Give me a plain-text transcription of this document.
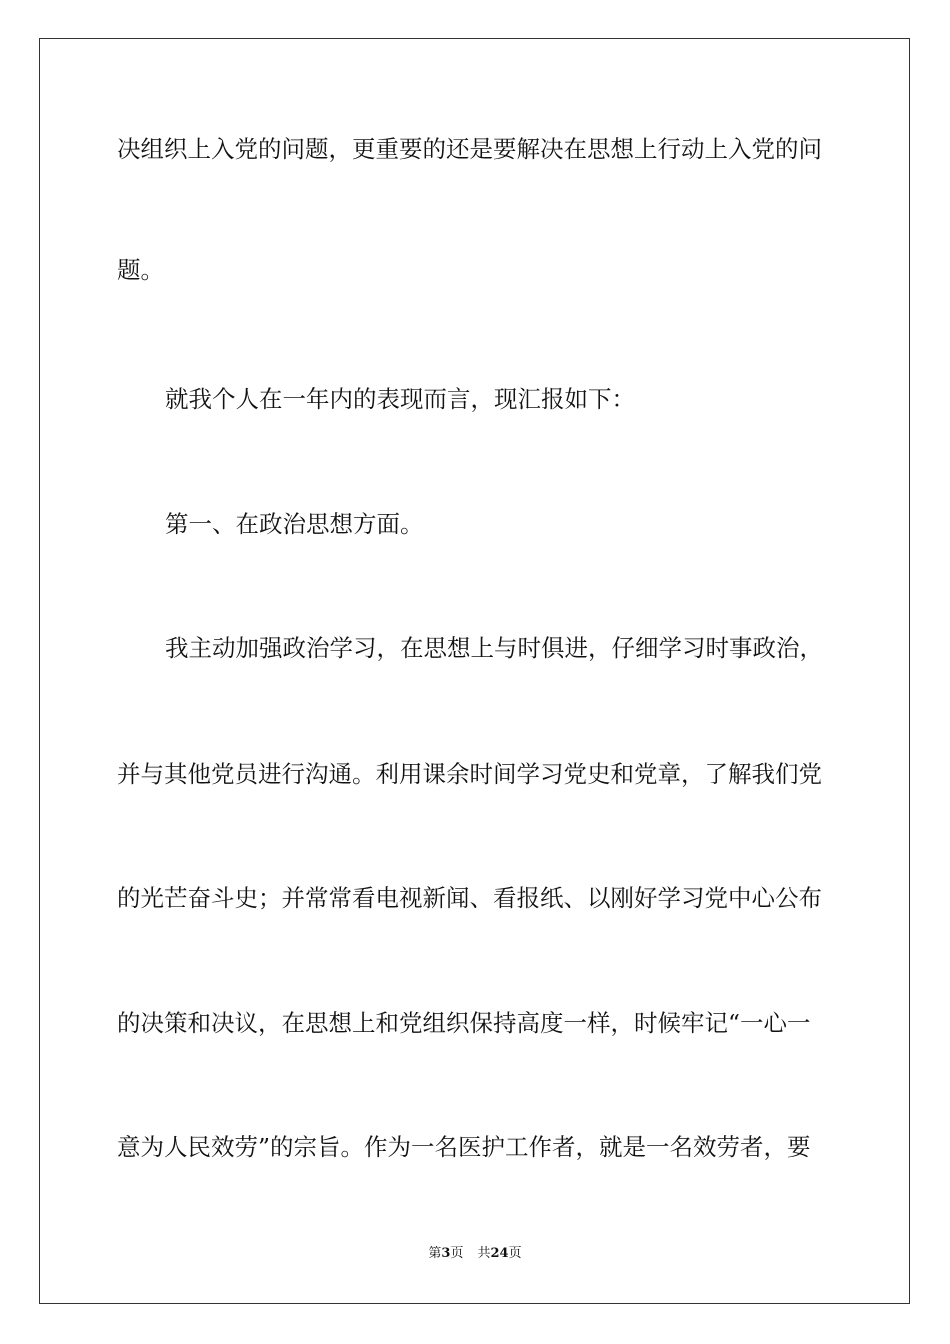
决组织上入党的问题，更重要的还是要解决在思想上行动上入党的问
题。
就我个人在一年内的表现而言，现汇报如下：
第一、在政治思想方面。
我主动加强政治学习，在思想上与时俱进，仔细学习时事政治，
并与其他党员进行沟通。利用课余时间学习党史和党章，了解我们党
的光芒奋斗史；并常常看电视新闻、看报纸、以刚好学习党中心公布
的决策和决议，在思想上和党组织保持高度一样，时候牢记“一心一
意为人民效劳”的宗旨。作为一名医护工作者，就是一名效劳者，要
第3页 共24页
